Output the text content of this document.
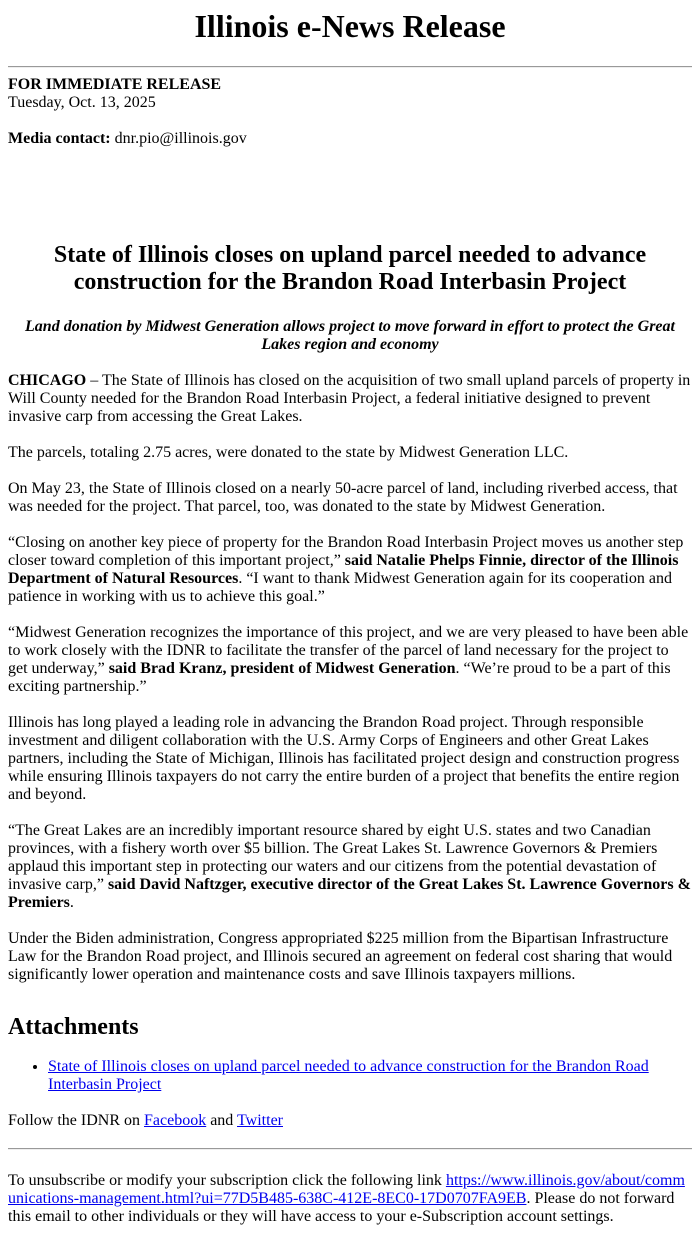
Illinois e-News Release
FOR IMMEDIATE RELEASE
Tuesday, Oct. 13, 2025

Media contact: dnr.pio@illinois.gov

State of Illinois closes on upland parcel needed to advance construction for the Brandon Road Interbasin Project

Land donation by Midwest Generation allows project to move forward in effort to protect the Great Lakes region and economy

CHICAGO – The State of Illinois has closed on the acquisition of two small upland parcels of property in Will County needed for the Brandon Road Interbasin Project, a federal initiative designed to prevent invasive carp from accessing the Great Lakes.

The parcels, totaling 2.75 acres, were donated to the state by Midwest Generation LLC.

On May 23, the State of Illinois closed on a nearly 50-acre parcel of land, including riverbed access, that was needed for the project. That parcel, too, was donated to the state by Midwest Generation.

“Closing on another key piece of property for the Brandon Road Interbasin Project moves us another step closer toward completion of this important project,” said Natalie Phelps Finnie, director of the Illinois Department of Natural Resources. “I want to thank Midwest Generation again for its cooperation and patience in working with us to achieve this goal.”

“Midwest Generation recognizes the importance of this project, and we are very pleased to have been able to work closely with the IDNR to facilitate the transfer of the parcel of land necessary for the project to get underway,” said Brad Kranz, president of Midwest Generation. “We’re proud to be a part of this exciting partnership.”

Illinois has long played a leading role in advancing the Brandon Road project. Through responsible investment and diligent collaboration with the U.S. Army Corps of Engineers and other Great Lakes partners, including the State of Michigan, Illinois has facilitated project design and construction progress while ensuring Illinois taxpayers do not carry the entire burden of a project that benefits the entire region and beyond.

“The Great Lakes are an incredibly important resource shared by eight U.S. states and two Canadian provinces, with a fishery worth over $5 billion. The Great Lakes St. Lawrence Governors & Premiers applaud this important step in protecting our waters and our citizens from the potential devastation of invasive carp,” said David Naftzger, executive director of the Great Lakes St. Lawrence Governors & Premiers.

Under the Biden administration, Congress appropriated $225 million from the Bipartisan Infrastructure Law for the Brandon Road project, and Illinois secured an agreement on federal cost sharing that would significantly lower operation and maintenance costs and save Illinois taxpayers millions.

Attachments
• State of Illinois closes on upland parcel needed to advance construction for the Brandon Road Interbasin Project

Follow the IDNR on Facebook and Twitter

To unsubscribe or modify your subscription click the following link https://www.illinois.gov/about/communications-management.html?ui=77D5B485-638C-412E-8EC0-17D0707FA9EB. Please do not forward this email to other individuals or they will have access to your e-Subscription account settings.
